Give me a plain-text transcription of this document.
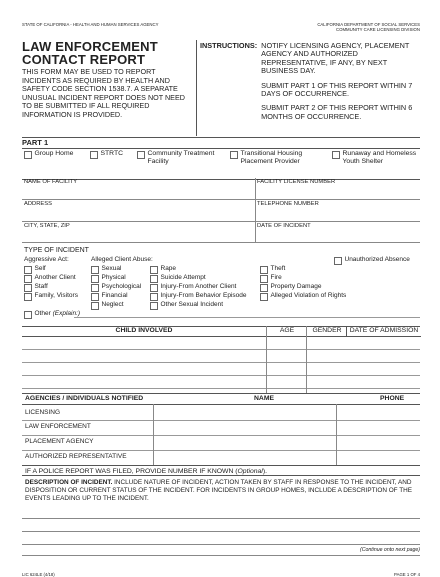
STATE OF CALIFORNIA - HEALTH AND HUMAN SERVICES AGENCY	CALIFORNIA DEPARTMENT OF SOCIAL SERVICES
COMMUNITY CARE LICENSING DIVISION
LAW ENFORCEMENT
CONTACT REPORT
THIS FORM MAY BE USED TO REPORT INCIDENTS AS REQUIRED BY HEALTH AND SAFETY CODE SECTION 1538.7. A SEPARATE UNUSUAL INCIDENT REPORT DOES NOT NEED TO BE SUBMITTED IF ALL REQUIRED INFORMATION IS PROVIDED.
INSTRUCTIONS: NOTIFY LICENSING AGENCY, PLACEMENT AGENCY AND AUTHORIZED REPRESENTATIVE, IF ANY, BY NEXT BUSINESS DAY.

SUBMIT PART 1 OF THIS REPORT WITHIN 7 DAYS OF OCCURRENCE.

SUBMIT PART 2 OF THIS REPORT WITHIN 6 MONTHS OF OCCURRENCE.

PART 1
Group Home	STRTC	Community Treatment Facility
Transitional Housing Placement Provider
Runaway and Homeless Youth Shelter
NAME OF FACILITY	FACILITY LICENSE NUMBER
ADDRESS	TELEPHONE NUMBER
CITY, STATE, ZIP	DATE OF INCIDENT
TYPE OF INCIDENT
Aggressive Act:	Alleged Client Abuse:	Unauthorized Absence
Self
Another Client
Staff
Family, Visitors
Other
(Explain:)
Sexual
Physical
Psychological
Financial
Neglect
Rape
Suicide Attempt
Injury-From Another Client
Injury-From Behavior Episode
Other Sexual Incident
Theft
Fire
Property Damage
Alleged Violation of Rights
CHILD INVOLVED	AGE	GENDER	DATE OF ADMISSION
AGENCIES / INDIVIDUALS NOTIFIED	NAME	PHONE
LICENSING
LAW ENFORCEMENT
PLACEMENT AGENCY
AUTHORIZED REPRESENTATIVE
IF A POLICE REPORT WAS FILED, PROVIDE NUMBER IF KNOWN (Optional).
DESCRIPTION OF INCIDENT. INCLUDE NATURE OF INCIDENT, ACTION TAKEN BY STAFF IN RESPONSE TO THE INCIDENT, AND DISPOSITION OR CURRENT STATUS OF THE INCIDENT. FOR INCIDENTS IN GROUP HOMES, INCLUDE A DESCRIPTION OF THE EVENTS LEADING UP TO THE INCIDENT.
(Continue onto next page)
LIC 624LE (4/18)	PAGE 1 OF 4
